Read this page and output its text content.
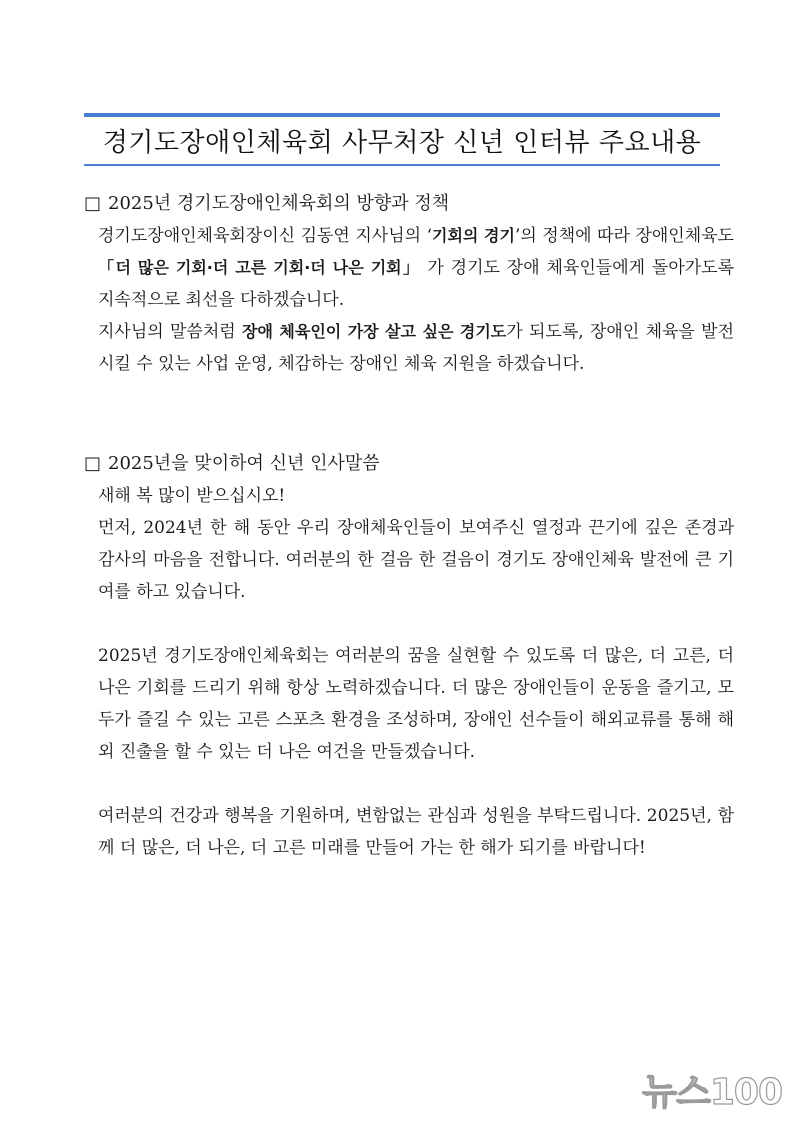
경기도장애인체육회 사무처장 신년 인터뷰 주요내용

□ 2025년 경기도장애인체육회의 방향과 정책

경기도장애인체육회장이신 김동연 지사님의 ‘기회의 경기’의 정책에 따라 장애인체육도 「더 많은 기회·더 고른 기회·더 나은 기회」 가 경기도 장애 체육인들에게 돌아가도록 지속적으로 최선을 다하겠습니다.

지사님의 말씀처럼 장애 체육인이 가장 살고 싶은 경기도가 되도록, 장애인 체육을 발전시킬 수 있는 사업 운영, 체감하는 장애인 체육 지원을 하겠습니다.

□ 2025년을 맞이하여 신년 인사말씀

새해 복 많이 받으십시오!

먼저, 2024년 한 해 동안 우리 장애체육인들이 보여주신 열정과 끈기에 깊은 존경과 감사의 마음을 전합니다. 여러분의 한 걸음 한 걸음이 경기도 장애인체육 발전에 큰 기여를 하고 있습니다.

2025년 경기도장애인체육회는 여러분의 꿈을 실현할 수 있도록 더 많은, 더 고른, 더 나은 기회를 드리기 위해 항상 노력하겠습니다. 더 많은 장애인들이 운동을 즐기고, 모두가 즐길 수 있는 고른 스포츠 환경을 조성하며, 장애인 선수들이 해외교류를 통해 해외 진출을 할 수 있는 더 나은 여건을 만들겠습니다.

여러분의 건강과 행복을 기원하며, 변함없는 관심과 성원을 부탁드립니다. 2025년, 함께 더 많은, 더 나은, 더 고른 미래를 만들어 가는 한 해가 되기를 바랍니다!

뉴스100
